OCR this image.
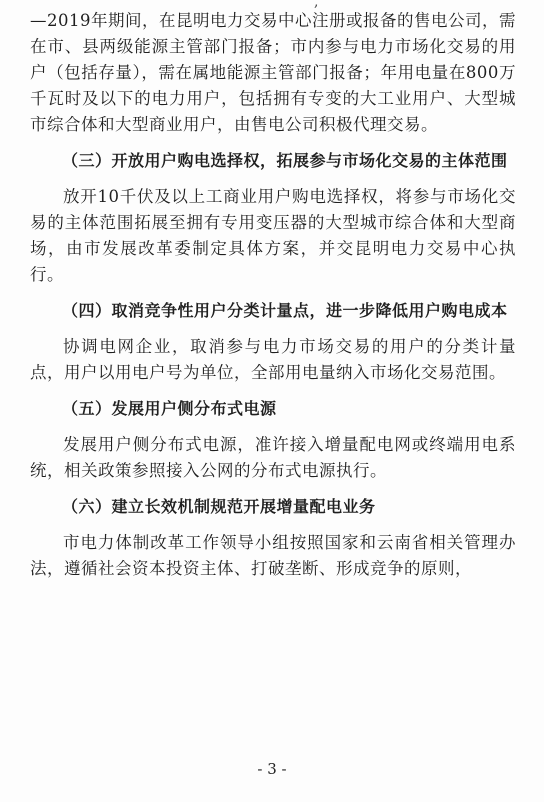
,

—2019年期间，在昆明电力交易中心注册或报备的售电公司，需在市、县两级能源主管部门报备；市内参与电力市场化交易的用户（包括存量），需在属地能源主管部门报备；年用电量在800万千瓦时及以下的电力用户，包括拥有专变的大工业用户、大型城市综合体和大型商业用户，由售电公司积极代理交易。

（三）开放用户购电选择权，拓展参与市场化交易的主体范围

放开10千伏及以上工商业用户购电选择权，将参与市场化交易的主体范围拓展至拥有专用变压器的大型城市综合体和大型商场，由市发展改革委制定具体方案，并交昆明电力交易中心执行。

（四）取消竞争性用户分类计量点，进一步降低用户购电成本

协调电网企业，取消参与电力市场交易的用户的分类计量点，用户以用电户号为单位，全部用电量纳入市场化交易范围。

（五）发展用户侧分布式电源

发展用户侧分布式电源，准许接入增量配电网或终端用电系统，相关政策参照接入公网的分布式电源执行。

（六）建立长效机制规范开展增量配电业务

市电力体制改革工作领导小组按照国家和云南省相关管理办法，遵循社会资本投资主体、打破垄断、形成竞争的原则，

- 3 -
